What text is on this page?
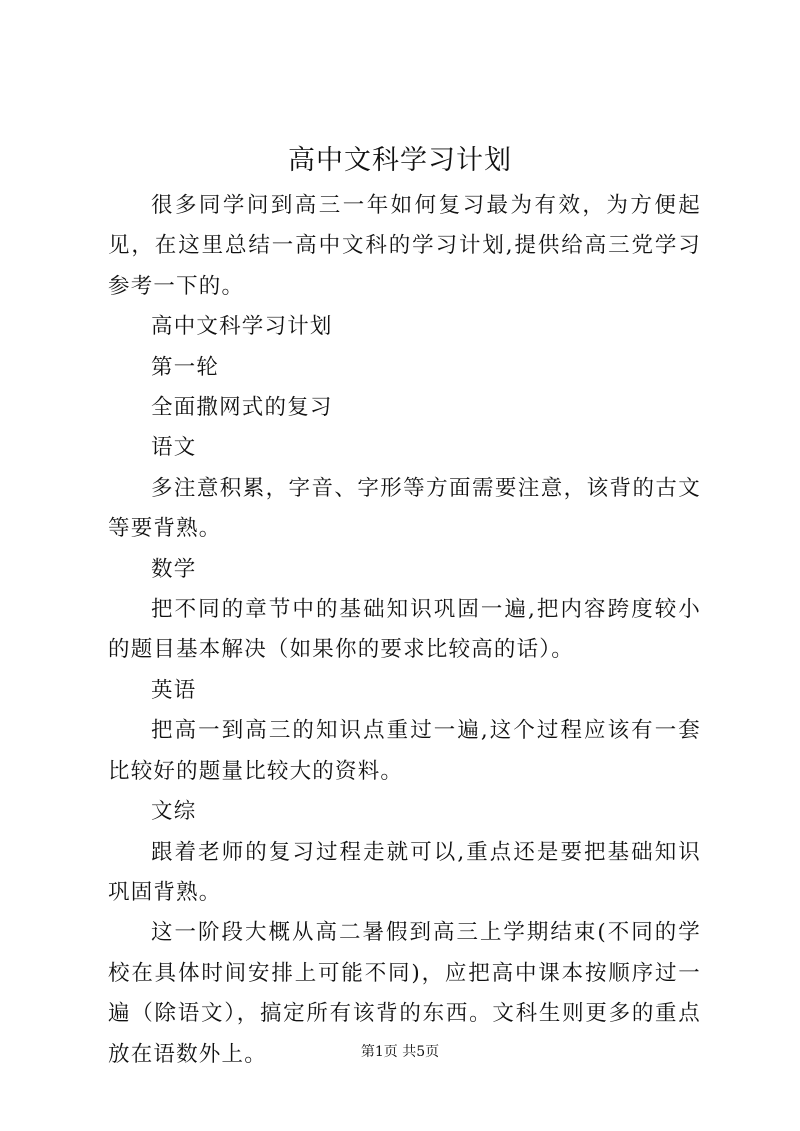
高中文科学习计划

很多同学问到高三一年如何复习最为有效，为方便起见，在这里总结一高中文科的学习计划,提供给高三党学习参考一下的。

高中文科学习计划

第一轮

全面撒网式的复习

语文

多注意积累，字音、字形等方面需要注意，该背的古文等要背熟。

数学

把不同的章节中的基础知识巩固一遍,把内容跨度较小的题目基本解决（如果你的要求比较高的话）。

英语

把高一到高三的知识点重过一遍,这个过程应该有一套比较好的题量比较大的资料。

文综

跟着老师的复习过程走就可以,重点还是要把基础知识巩固背熟。

这一阶段大概从高二暑假到高三上学期结束(不同的学校在具体时间安排上可能不同)，应把高中课本按顺序过一遍（除语文），搞定所有该背的东西。文科生则更多的重点放在语数外上。	第1页 共5页
